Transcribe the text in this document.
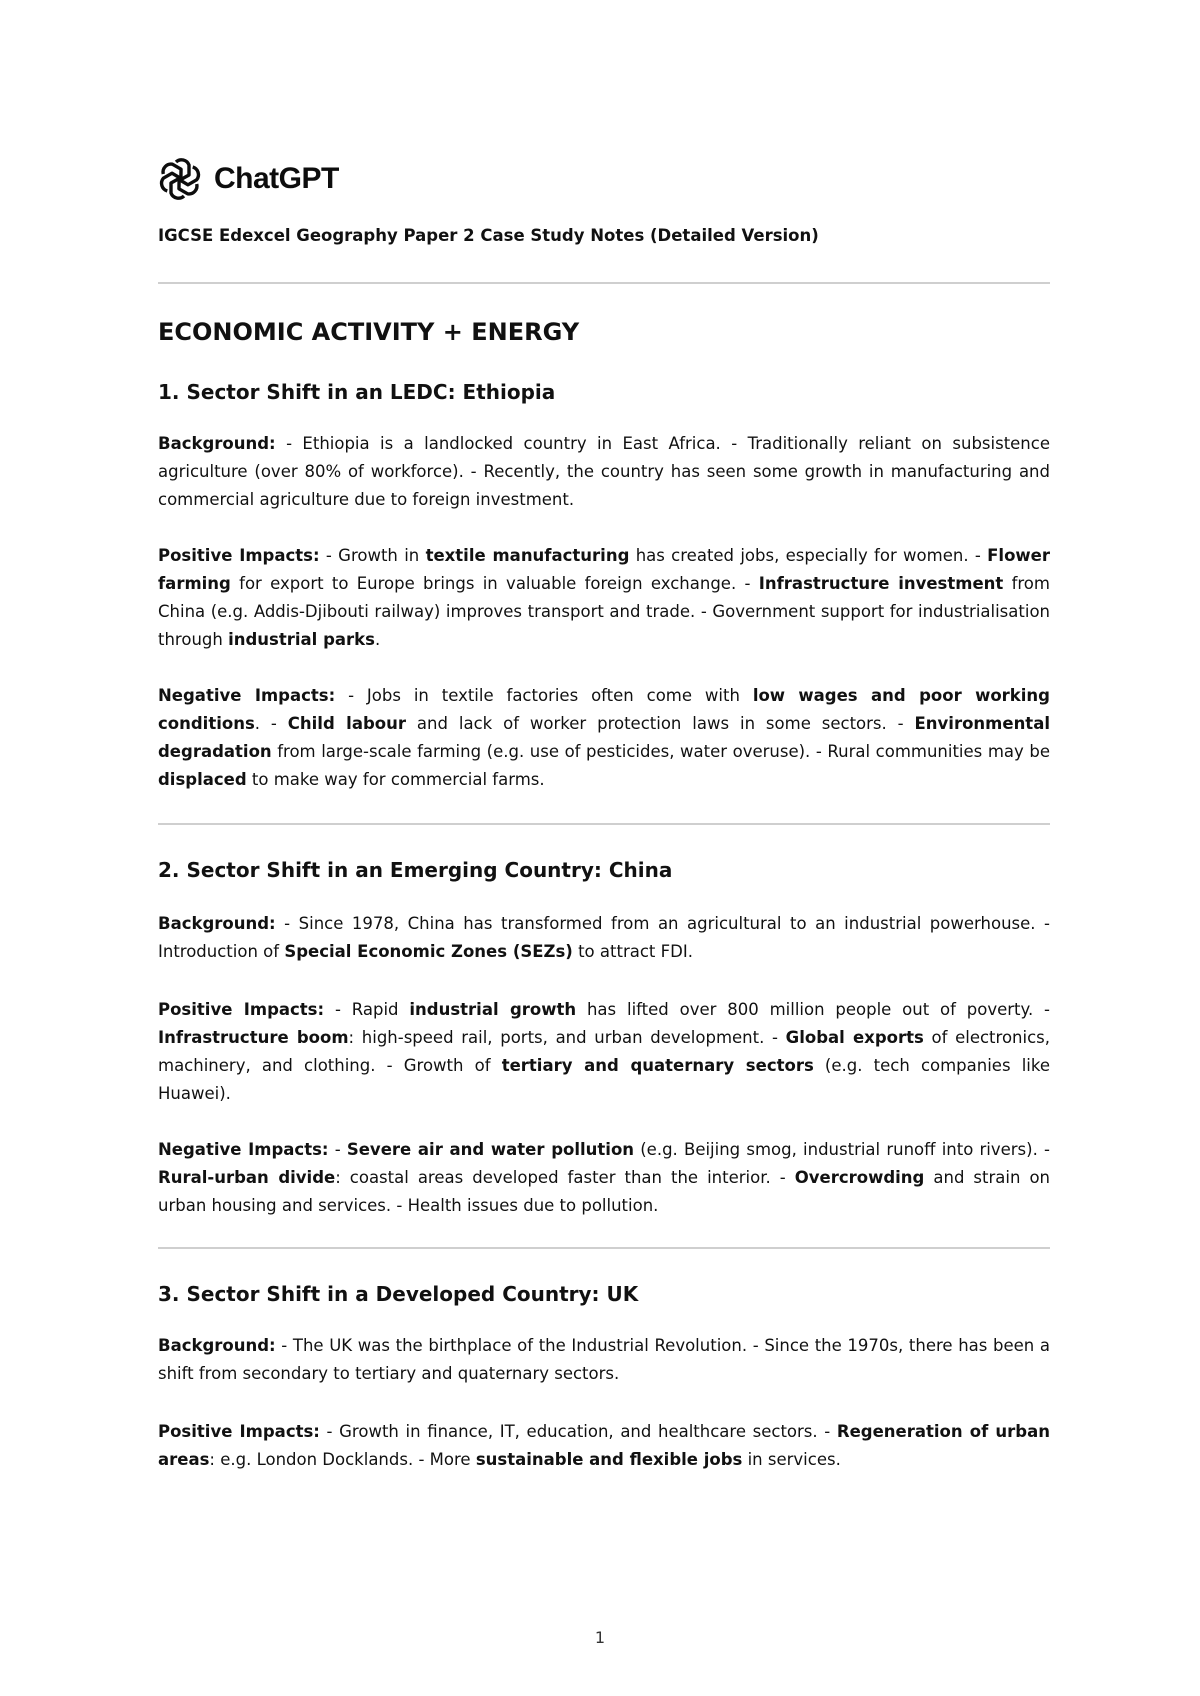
ChatGPT

IGCSE Edexcel Geography Paper 2 Case Study Notes (Detailed Version)

ECONOMIC ACTIVITY + ENERGY
1. Sector Shift in an LEDC: Ethiopia

Background: - Ethiopia is a landlocked country in East Africa. - Traditionally reliant on subsistence agriculture (over 80% of workforce). - Recently, the country has seen some growth in manufacturing and commercial agriculture due to foreign investment.

Positive Impacts: - Growth in textile manufacturing has created jobs, especially for women. - Flower farming for export to Europe brings in valuable foreign exchange. - Infrastructure investment from China (e.g. Addis-Djibouti railway) improves transport and trade. - Government support for industrialisation through industrial parks.

Negative Impacts: - Jobs in textile factories often come with low wages and poor working conditions. - Child labour and lack of worker protection laws in some sectors. - Environmental degradation from large-scale farming (e.g. use of pesticides, water overuse). - Rural communities may be displaced to make way for commercial farms.

2. Sector Shift in an Emerging Country: China

Background: - Since 1978, China has transformed from an agricultural to an industrial powerhouse. - Introduction of Special Economic Zones (SEZs) to attract FDI.

Positive Impacts: - Rapid industrial growth has lifted over 800 million people out of poverty. - Infrastructure boom: high-speed rail, ports, and urban development. - Global exports of electronics, machinery, and clothing. - Growth of tertiary and quaternary sectors (e.g. tech companies like Huawei).

Negative Impacts: - Severe air and water pollution (e.g. Beijing smog, industrial runoff into rivers). - Rural-urban divide: coastal areas developed faster than the interior. - Overcrowding and strain on urban housing and services. - Health issues due to pollution.

3. Sector Shift in a Developed Country: UK

Background: - The UK was the birthplace of the Industrial Revolution. - Since the 1970s, there has been a shift from secondary to tertiary and quaternary sectors.

Positive Impacts: - Growth in finance, IT, education, and healthcare sectors. - Regeneration of urban areas: e.g. London Docklands. - More sustainable and flexible jobs in services.

1
